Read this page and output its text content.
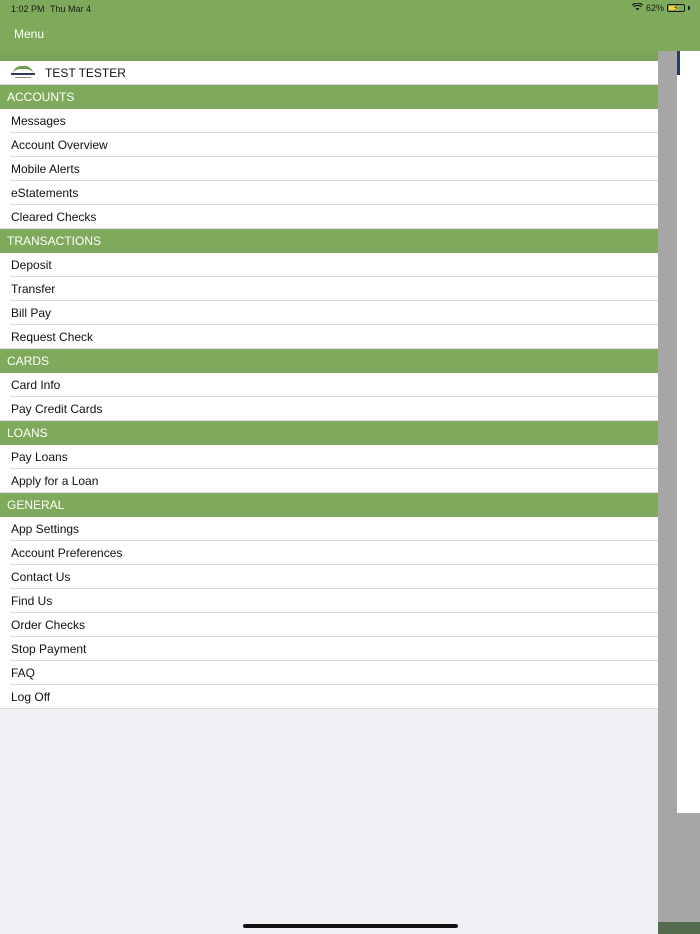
1:02 PM Thu Mar 4	62% ⚡
Menu
TEST TESTER
ACCOUNTS
Messages
Account Overview
Mobile Alerts
eStatements
Cleared Checks
TRANSACTIONS
Deposit
Transfer
Bill Pay
Request Check
CARDS
Card Info
Pay Credit Cards
LOANS
Pay Loans
Apply for a Loan
GENERAL
App Settings
Account Preferences
Contact Us
Find Us
Order Checks
Stop Payment
FAQ
Log Off
